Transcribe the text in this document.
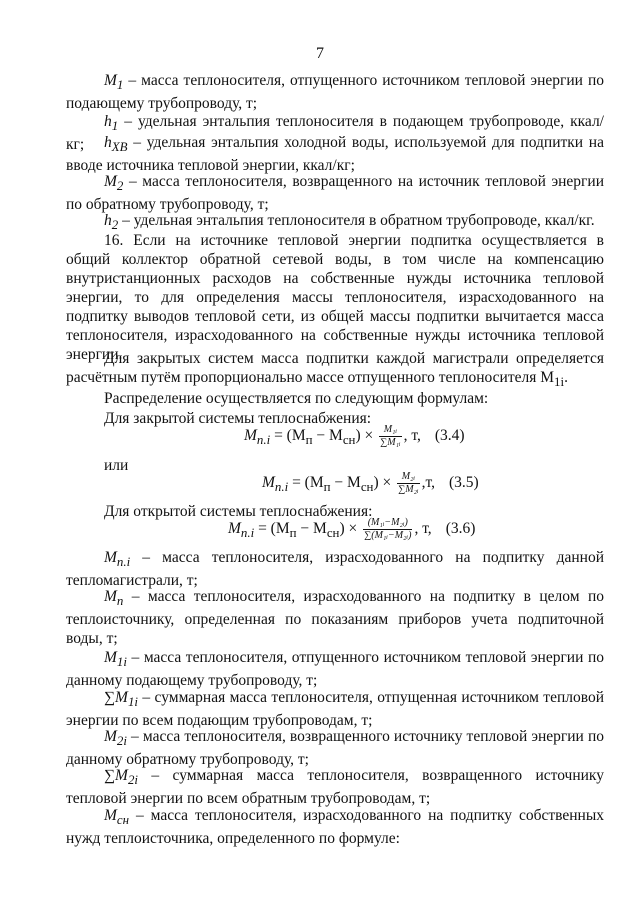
7
$M_1$ – масса теплоносителя, отпущенного источником тепловой энергии по подающему трубопроводу, т;
$h_1$ – удельная энтальпия теплоносителя в подающем трубопроводе, ккал/кг;	$h_{ХВ}$ – удельная энтальпия холодной воды, используемой для подпитки на вводе источника тепловой энергии, ккал/кг;
$M_2$ – масса теплоносителя, возвращенного на источник тепловой энергии по обратному трубопроводу, т;
$h_2$ – удельная энтальпия теплоносителя в обратном трубопроводе, ккал/кг.
16. Если на источнике тепловой энергии подпитка осуществляется в общий коллектор обратной сетевой воды, в том числе на компенсацию внутристанционных расходов на собственные нужды источника тепловой энергии, то для определения массы теплоносителя, израсходованного на подпитку выводов тепловой сети, из общей массы подпитки вычитается масса теплоносителя, израсходованного на собственные нужды источника тепловой энергии.
Для закрытых систем масса подпитки каждой магистрали определяется расчётным путём пропорционально массе отпущенного теплоносителя $M_{1i}$.
Распределение осуществляется по следующим формулам:
Для закрытой системы теплоснабжения:
$M_{п.i} = (M_п - M_{сн}) \times \frac{\text{M₁ᵢ}}{\text{∑M₁ᵢ}}$ , т, (3.4)
или
$M_{п.i} = (M_п - M_{сн}) \times \frac{\text{M₂ᵢ}}{\text{∑M₂ᵢ}} ,т$, (3.5)
Для открытой системы теплоснабжения:
$M_{п.i} = (M_п - M_{сн}) \times \frac{\text{(M₁ᵢ−M₂ᵢ)}}{\text{∑(M₁ᵢ−M₂ᵢ)}}$ , т, (3.6)
$M_{п.i}$ – масса теплоносителя, израсходованного на подпитку данной тепломагистрали, т;
$M_п$ – масса теплоносителя, израсходованного на подпитку в целом по теплоисточнику, определенная по показаниям приборов учета подпиточной воды, т;
$M_{1i}$ – масса теплоносителя, отпущенного источником тепловой энергии по данному подающему трубопроводу, т;
$\sum M_{1i}$ – суммарная масса теплоносителя, отпущенная источником тепловой энергии по всем подающим трубопроводам, т;
$M_{2i}$ – масса теплоносителя, возвращенного источнику тепловой энергии по данному обратному трубопроводу, т;
$\sum M_{2i}$ – суммарная масса теплоносителя, возвращенного источнику тепловой энергии по всем обратным трубопроводам, т;
$M_{сн}$ – масса теплоносителя, израсходованного на подпитку собственных нужд теплоисточника, определенного по формуле:
